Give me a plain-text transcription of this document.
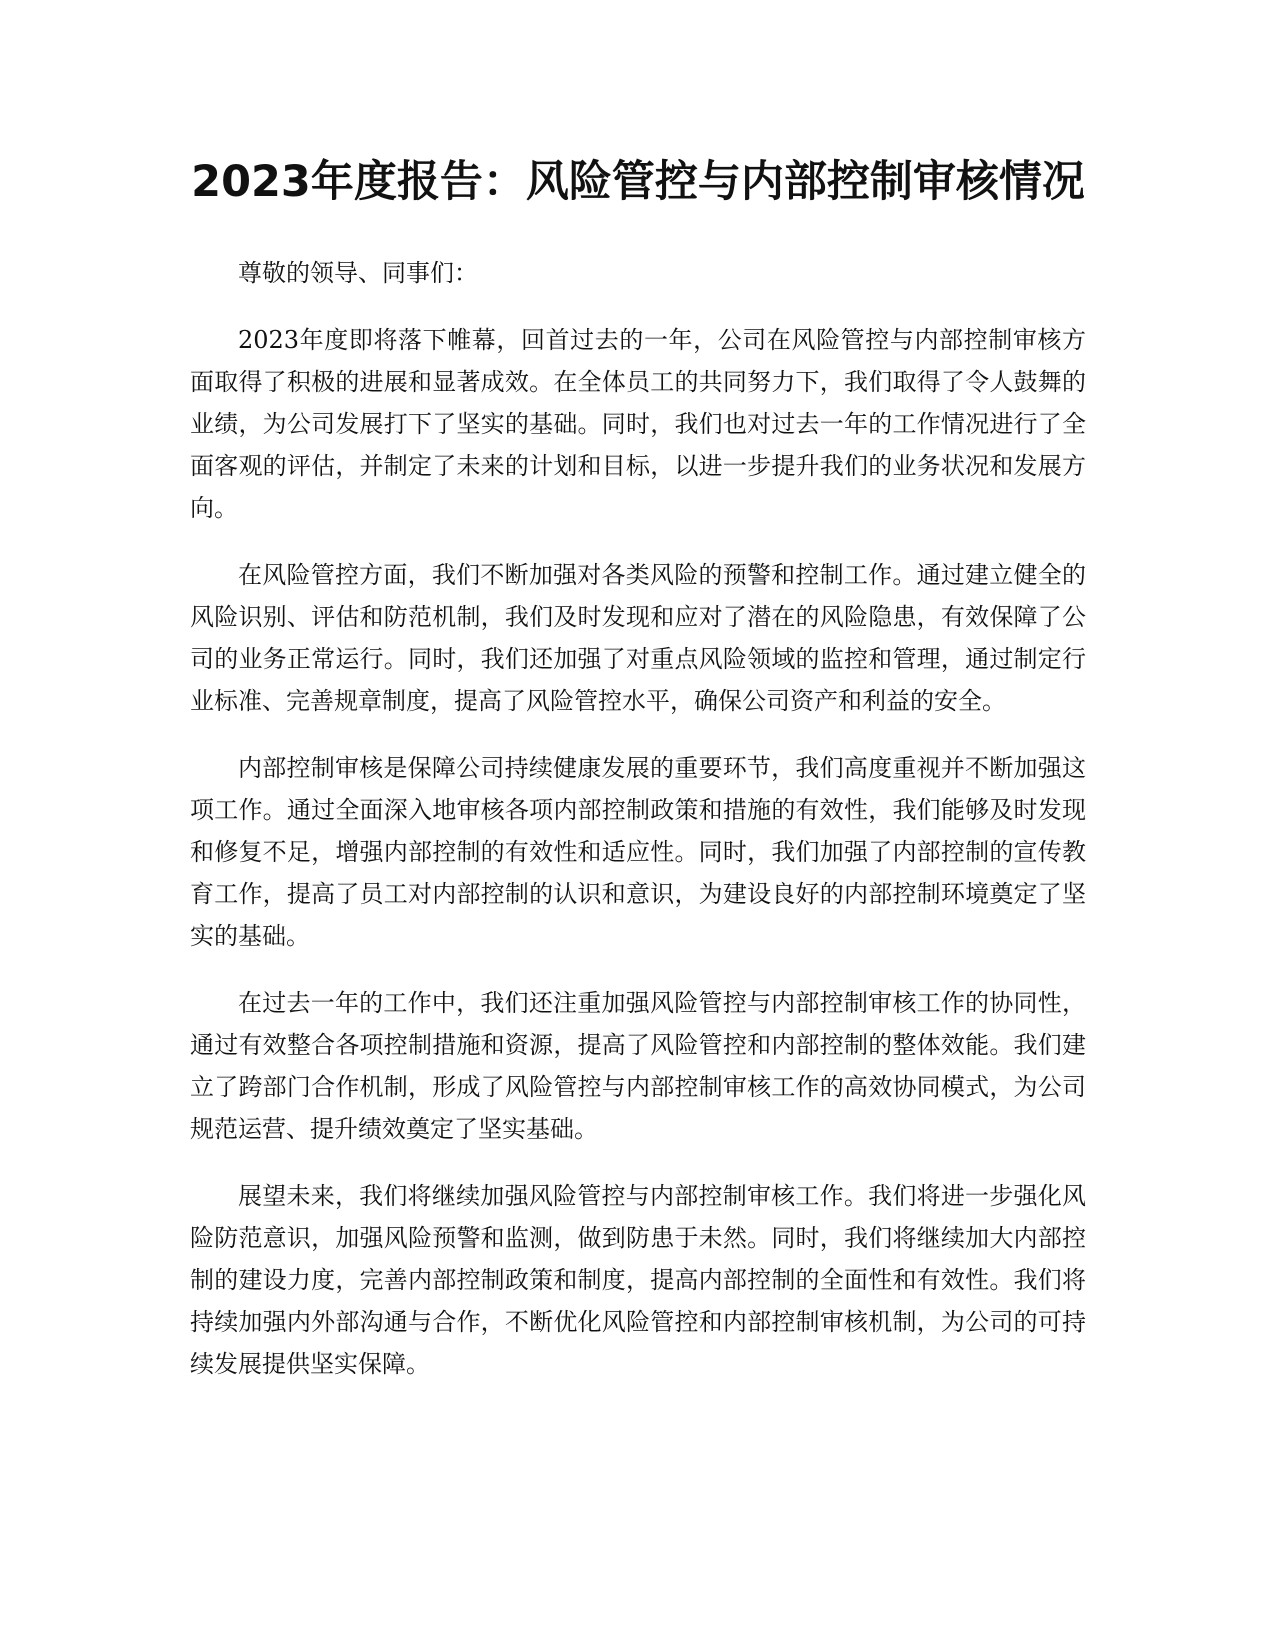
2023年度报告：风险管控与内部控制审核情况

尊敬的领导、同事们：

2023年度即将落下帷幕，回首过去的一年，公司在风险管控与内部控制审核方面取得了积极的进展和显著成效。在全体员工的共同努力下，我们取得了令人鼓舞的业绩，为公司发展打下了坚实的基础。同时，我们也对过去一年的工作情况进行了全面客观的评估，并制定了未来的计划和目标，以进一步提升我们的业务状况和发展方向。

在风险管控方面，我们不断加强对各类风险的预警和控制工作。通过建立健全的风险识别、评估和防范机制，我们及时发现和应对了潜在的风险隐患，有效保障了公司的业务正常运行。同时，我们还加强了对重点风险领域的监控和管理，通过制定行业标准、完善规章制度，提高了风险管控水平，确保公司资产和利益的安全。

内部控制审核是保障公司持续健康发展的重要环节，我们高度重视并不断加强这项工作。通过全面深入地审核各项内部控制政策和措施的有效性，我们能够及时发现和修复不足，增强内部控制的有效性和适应性。同时，我们加强了内部控制的宣传教育工作，提高了员工对内部控制的认识和意识，为建设良好的内部控制环境奠定了坚实的基础。

在过去一年的工作中，我们还注重加强风险管控与内部控制审核工作的协同性，通过有效整合各项控制措施和资源，提高了风险管控和内部控制的整体效能。我们建立了跨部门合作机制，形成了风险管控与内部控制审核工作的高效协同模式，为公司规范运营、提升绩效奠定了坚实基础。

展望未来，我们将继续加强风险管控与内部控制审核工作。我们将进一步强化风险防范意识，加强风险预警和监测，做到防患于未然。同时，我们将继续加大内部控制的建设力度，完善内部控制政策和制度，提高内部控制的全面性和有效性。我们将持续加强内外部沟通与合作，不断优化风险管控和内部控制审核机制，为公司的可持续发展提供坚实保障。
